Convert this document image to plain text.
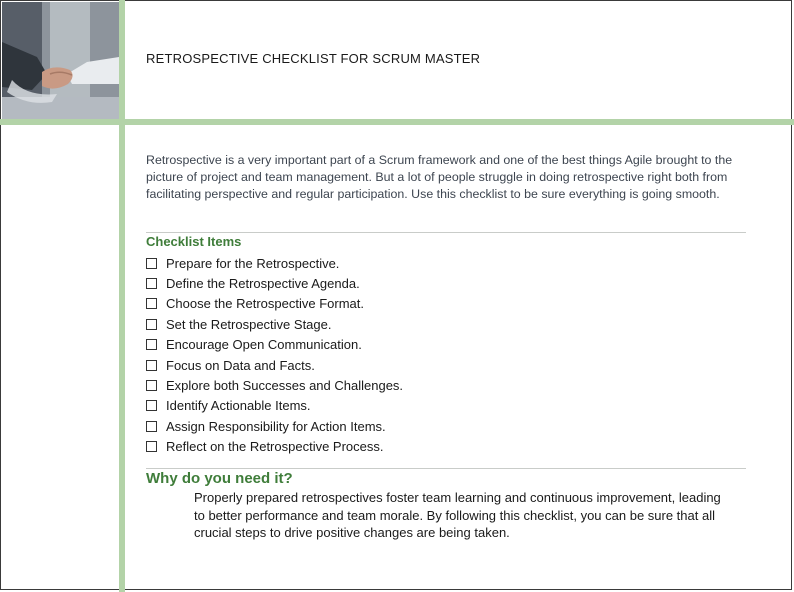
RETROSPECTIVE CHECKLIST FOR SCRUM MASTER
Retrospective is a very important part of a Scrum framework and one of the best things Agile brought to the picture of project and team management. But a lot of people struggle in doing retrospective right both from facilitating perspective and regular participation. Use this checklist to be sure everything is going smooth.
Checklist Items
Prepare for the Retrospective.
Define the Retrospective Agenda.
Choose the Retrospective Format.
Set the Retrospective Stage.
Encourage Open Communication.
Focus on Data and Facts.
Explore both Successes and Challenges.
Identify Actionable Items.
Assign Responsibility for Action Items.
Reflect on the Retrospective Process.
Why do you need it?
Properly prepared retrospectives foster team learning and continuous improvement, leading to better performance and team morale. By following this checklist, you can be sure that all crucial steps to drive positive changes are being taken.
